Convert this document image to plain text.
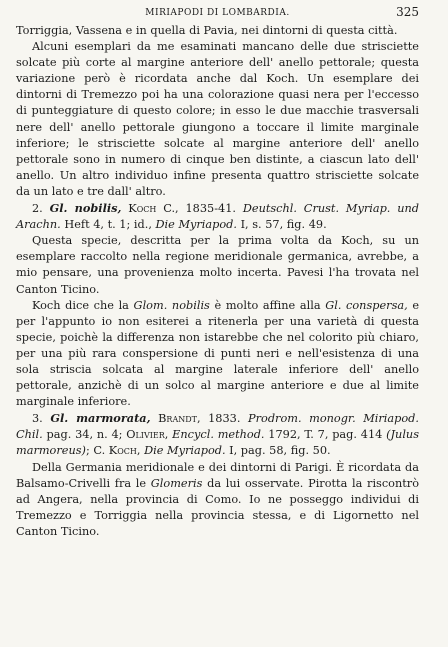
MIRIAPODI DI LOMBARDIA.	325

Torriggia, Vassena e in quella di Pavia, nei dintorni di questa città.

Alcuni esemplari da me esaminati mancano delle due strisciette solcate più corte al margine anteriore dell' anello pettorale; questa variazione però è ricordata anche dal Koch. Un esemplare dei dintorni di Tremezzo poi ha una colorazione quasi nera per l'eccesso di punteggiature di questo colore; in esso le due macchie trasversali nere dell' anello pettorale giungono a toccare il limite marginale inferiore; le strisciette solcate al margine anteriore dell' anello pettorale sono in numero di cinque ben distinte, a ciascun lato dell' anello. Un altro individuo infine presenta quattro strisciette solcate da un lato e tre dall' altro.

2. Gl. nobilis, Koch C., 1835-41. Deutschl. Crust. Myriap. und Arachn. Heft 4, t. 1; id., Die Myriapod. I, s. 57, fig. 49.

Questa specie, descritta per la prima volta da Koch, su un esemplare raccolto nella regione meridionale germanica, avrebbe, a mio pensare, una provenienza molto incerta. Pavesi l'ha trovata nel Canton Ticino.

Koch dice che la Glom. nobilis è molto affine alla Gl. conspersa, e per l'appunto io non esiterei a ritenerla per una varietà di questa specie, poichè la differenza non istarebbe che nel colorito più chiaro, per una più rara conspersione di punti neri e nell'esistenza di una sola striscia solcata al margine laterale inferiore dell' anello pettorale, anzichè di un solco al margine anteriore e due al limite marginale inferiore.

3. Gl. marmorata, Brandt, 1833. Prodrom. monogr. Miriapod. Chil. pag. 34, n. 4; Olivier, Encycl. method. 1792, T. 7, pag. 414 (Julus marmoreus); C. Koch, Die Myriapod. I, pag. 58, fig. 50.

Della Germania meridionale e dei dintorni di Parigi. È ricordata da Balsamo-Crivelli fra le Glomeris da lui osservate. Pirotta la riscontrò ad Angera, nella provincia di Como. Io ne posseggo individui di Tremezzo e Torriggia nella provincia stessa, e di Ligornetto nel Canton Ticino.
